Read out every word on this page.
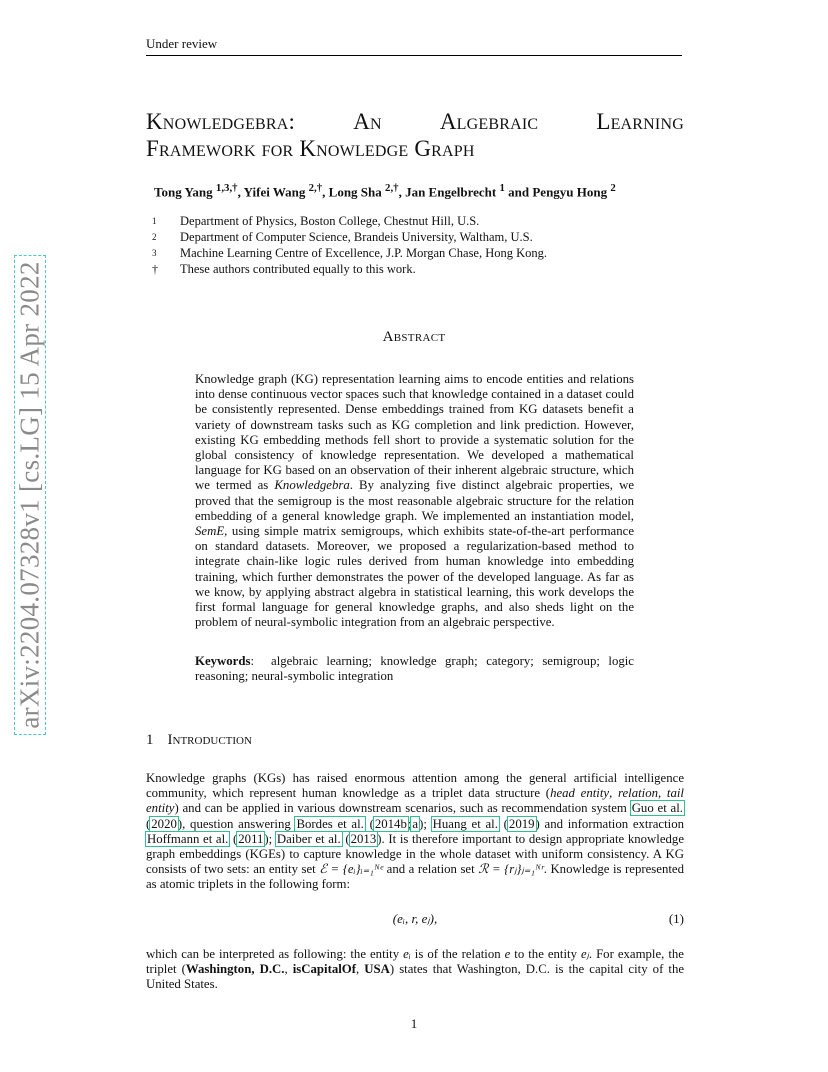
Under review
Knowledgebra:	An	Algebraic	Learning
Framework for Knowledge Graph
Tong Yang $^{1,3,\dagger}$, Yifei Wang $^{2,\dagger}$, Long Sha $^{2,\dagger}$, Jan Engelbrecht $^1$ and Pengyu Hong $^2$
1	Department of Physics, Boston College, Chestnut Hill, U.S.
2	Department of Computer Science, Brandeis University, Waltham, U.S.
3	Machine Learning Centre of Excellence, J.P. Morgan Chase, Hong Kong.
†	These authors contributed equally to this work.
Abstract
Knowledge graph (KG) representation learning aims to encode entities and relations into dense continuous vector spaces such that knowledge contained in a dataset could be consistently represented. Dense embeddings trained from KG datasets benefit a variety of downstream tasks such as KG completion and link prediction. However, existing KG embedding methods fell short to provide a systematic solution for the global consistency of knowledge representation. We developed a mathematical language for KG based on an observation of their inherent algebraic structure, which we termed as Knowledgebra. By analyzing five distinct algebraic properties, we proved that the semigroup is the most reasonable algebraic structure for the relation embedding of a general knowledge graph. We implemented an instantiation model, SemE, using simple matrix semigroups, which exhibits state-of-the-art performance on standard datasets. Moreover, we proposed a regularization-based method to integrate chain-like logic rules derived from human knowledge into embedding training, which further demonstrates the power of the developed language. As far as we know, by applying abstract algebra in statistical learning, this work develops the first formal language for general knowledge graphs, and also sheds light on the problem of neural-symbolic integration from an algebraic perspective.
Keywords:  algebraic learning; knowledge graph; category; semigroup; logic reasoning; neural-symbolic integration
1 Introduction
Knowledge graphs (KGs) has raised enormous attention among the general artificial intelligence community, which represent human knowledge as a triplet data structure (head entity, relation, tail entity) and can be applied in various downstream scenarios, such as recommendation system Guo et al. (2020), question answering Bordes et al. (2014b;a); Huang et al. (2019) and information extraction Hoffmann et al. (2011); Daiber et al. (2013). It is therefore important to design appropriate knowledge graph embeddings (KGEs) to capture knowledge in the whole dataset with uniform consistency. A KG consists of two sets: an entity set ℰ = {eᵢ}ᵢ₌₁ᴺᵉ and a relation set ℛ = {rⱼ}ⱼ₌₁ᴺʳ. Knowledge is represented as atomic triplets in the following form:
(eᵢ, r, eⱼ),	(1)
which can be interpreted as following: the entity eᵢ is of the relation e to the entity eⱼ. For example, the triplet (Washington, D.C., isCapitalOf, USA) states that Washington, D.C. is the capital city of the United States.
1
arXiv:2204.07328v1 [cs.LG] 15 Apr 2022
